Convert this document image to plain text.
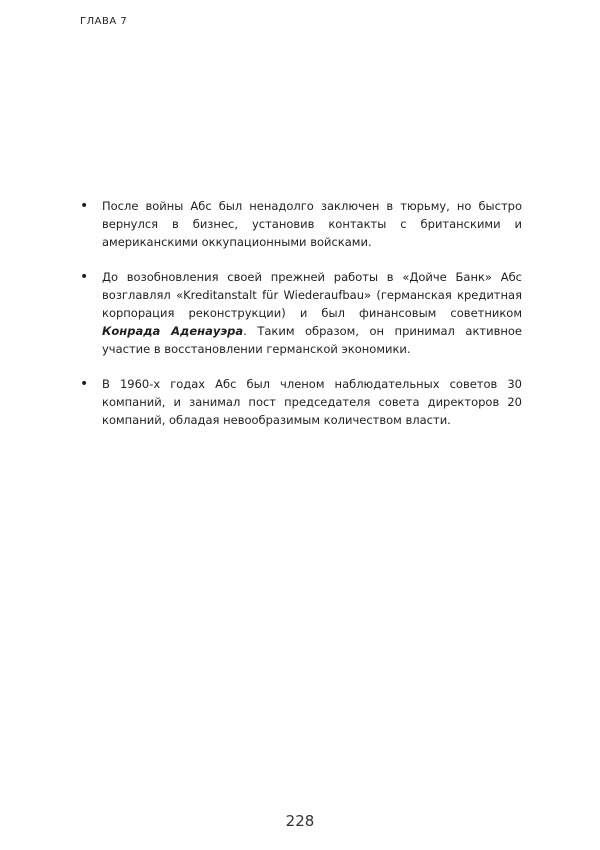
ГЛАВА 7
• После войны Абс был ненадолго заключен в тюрьму, но быстро вернулся в бизнес, установив контакты с британскими и американскими оккупационными войсками.
• До возобновления своей прежней работы в «Дойче Банк» Абс возглавлял «Kreditanstalt für Wiederaufbau» (германская кредитная корпорация реконструкции) и был финансовым советником Конрада Аденауэра. Таким образом, он принимал активное участие в восстановлении германской экономики.
• В 1960-х годах Абс был членом наблюдательных советов 30 компаний, и занимал пост председателя совета директоров 20 компаний, обладая невообразимым количеством власти.
228
